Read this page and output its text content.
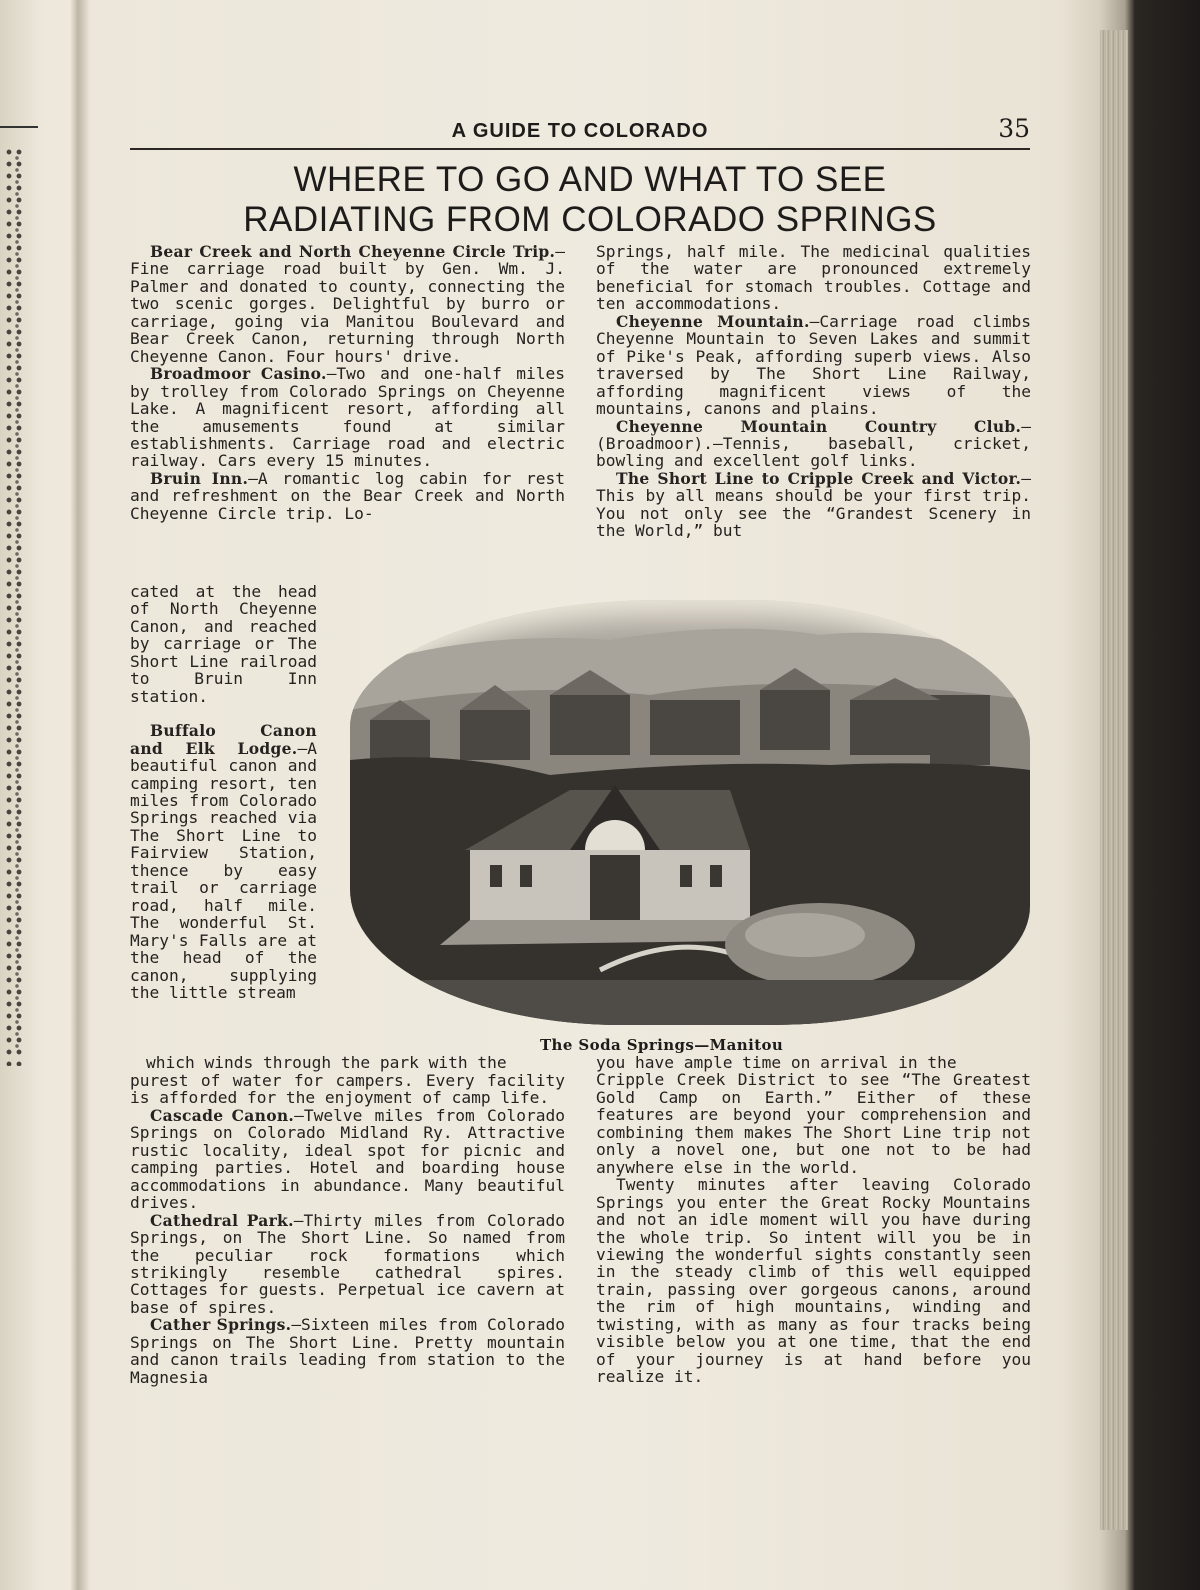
A GUIDE TO COLORADO	35
WHERE TO GO AND WHAT TO SEE
RADIATING FROM COLORADO SPRINGS

Bear Creek and North Cheyenne Circle Trip.—Fine carriage road built by Gen. Wm. J. Palmer and donated to county, connecting the two scenic gorges. Delightful by burro or carriage, going via Manitou Boulevard and Bear Creek Canon, returning through North Cheyenne Canon. Four hours' drive.

Broadmoor Casino.—Two and one-half miles by trolley from Colorado Springs on Cheyenne Lake. A magnificent resort, affording all the amusements found at similar establishments. Carriage road and electric railway. Cars every 15 minutes.

Bruin Inn.—A romantic log cabin for rest and refreshment on the Bear Creek and North Cheyenne Circle trip. Lo-

cated at the head of North Cheyenne Canon, and reached by carriage or The Short Line railroad to Bruin Inn station.

Buffalo Canon and Elk Lodge.—A beautiful canon and camping resort, ten miles from Colorado Springs reached via The Short Line to Fairview Station, thence by easy trail or carriage road, half mile. The wonderful St. Mary's Falls are at the head of the canon, supplying the little stream

which winds through the park with the

Springs, half mile. The medicinal qualities of the water are pronounced extremely beneficial for stomach troubles. Cottage and ten accommodations.

Cheyenne Mountain.—Carriage road climbs Cheyenne Mountain to Seven Lakes and summit of Pike's Peak, affording superb views. Also traversed by The Short Line Railway, affording magnificent views of the mountains, canons and plains.

Cheyenne Mountain Country Club.—(Broadmoor).—Tennis, baseball, cricket, bowling and excellent golf links.

The Short Line to Cripple Creek and Victor.—This by all means should be your first trip. You not only see the “Grandest Scenery in the World,” but

The Soda Springs—Manitou

purest of water for campers. Every facility is afforded for the enjoyment of camp life.

Cascade Canon.—Twelve miles from Colorado Springs on Colorado Midland Ry. Attractive rustic locality, ideal spot for picnic and camping parties. Hotel and boarding house accommodations in abundance. Many beautiful drives.

Cathedral Park.—Thirty miles from Colorado Springs, on The Short Line. So named from the peculiar rock formations which strikingly resemble cathedral spires. Cottages for guests. Perpetual ice cavern at base of spires.

Cather Springs.—Sixteen miles from Colorado Springs on The Short Line. Pretty mountain and canon trails leading from station to the Magnesia

you have ample time on arrival in the

Cripple Creek District to see “The Greatest Gold Camp on Earth.” Either of these features are beyond your comprehension and combining them makes The Short Line trip not only a novel one, but one not to be had anywhere else in the world.

Twenty minutes after leaving Colorado Springs you enter the Great Rocky Mountains and not an idle moment will you have during the whole trip. So intent will you be in viewing the wonderful sights constantly seen in the steady climb of this well equipped train, passing over gorgeous canons, around the rim of high mountains, winding and twisting, with as many as four tracks being visible below you at one time, that the end of your journey is at hand before you realize it.
